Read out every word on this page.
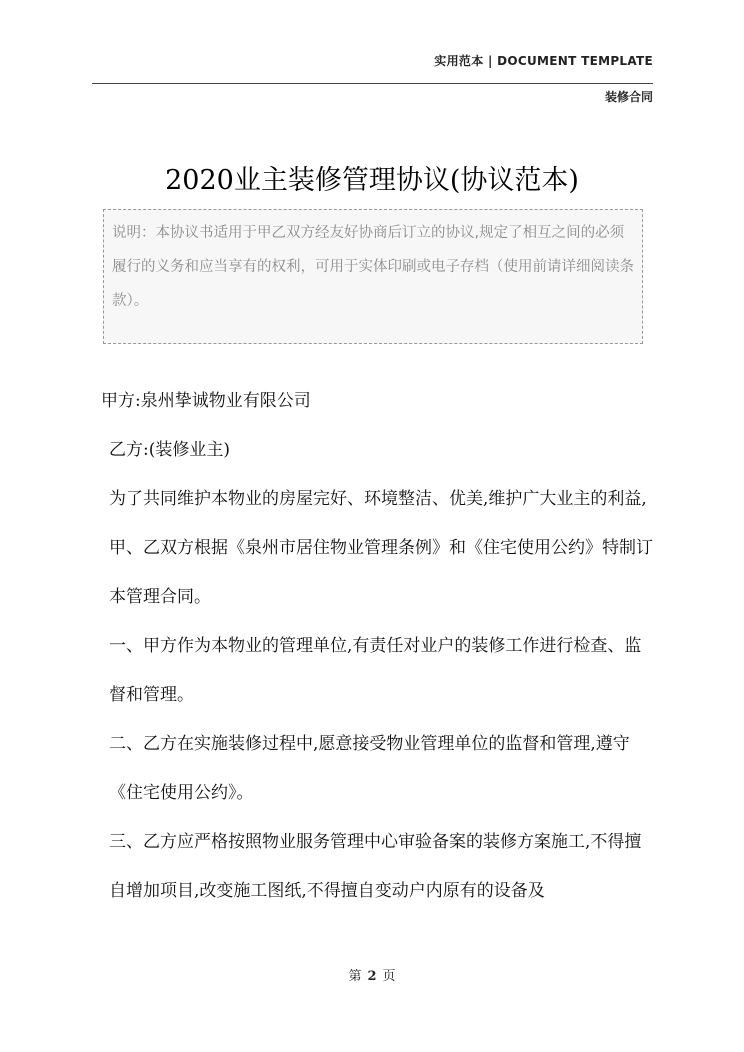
实用范本 | DOCUMENT TEMPLATE
装修合同
2020业主装修管理协议(协议范本)
说明：本协议书适用于甲乙双方经友好协商后订立的协议,规定了相互之间的必须履行的义务和应当享有的权利，可用于实体印刷或电子存档（使用前请详细阅读条款）。

甲方:泉州挚诚物业有限公司

乙方:(装修业主)

为了共同维护本物业的房屋完好、环境整洁、优美,维护广大业主的利益,甲、乙双方根据《泉州市居住物业管理条例》和《住宅使用公约》特制订本管理合同。

一、甲方作为本物业的管理单位,有责任对业户的装修工作进行检查、监督和管理。

二、乙方在实施装修过程中,愿意接受物业管理单位的监督和管理,遵守《住宅使用公约》。

三、乙方应严格按照物业服务管理中心审验备案的装修方案施工,不得擅自增加项目,改变施工图纸,不得擅自变动户内原有的设备及

第 2 页
